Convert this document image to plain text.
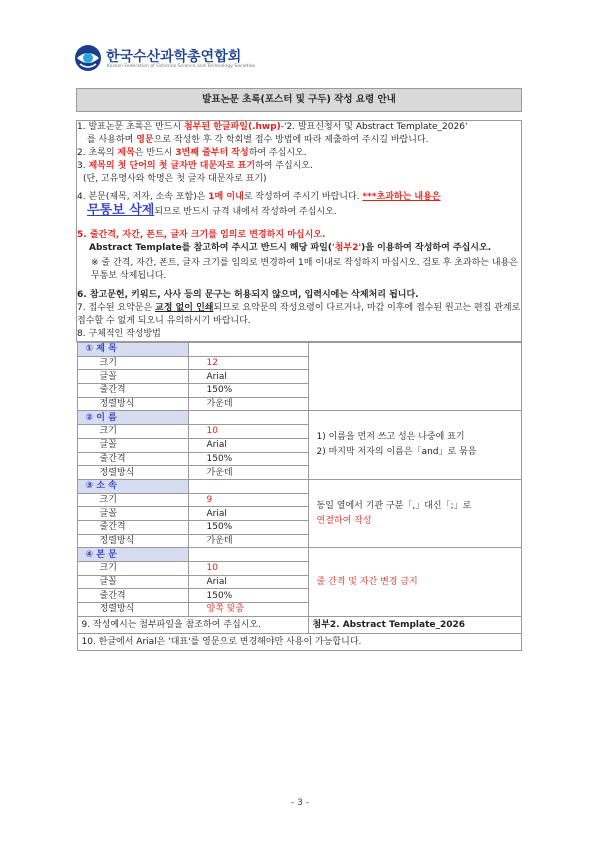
한국수산과학총연합회
Korean Federation of Fisheries Science and Technology Societies
발표논문 초록(포스터 및 구두) 작성 요령 안내

1. 발표논문 초록은 반드시 첨부된 한글파일(.hwp)-'2. 발표신청서 및 Abstract Template_2026'
를 사용하며 영문으로 작성한 후 각 학회별 접수 방법에 따라 제출하여 주시길 바랍니다.

2. 초록의 제목은 반드시 3번째 줄부터 작성하여 주십시오.

3. 제목의 첫 단어의 첫 글자만 대문자로 표기하여 주십시오.

(단, 고유명사와 학명은 첫 글자 대문자로 표기)

4. 본문(제목, 저자, 소속 포함)은 1매 이내로 작성하여 주시기 바랍니다. ***초과하는 내용은
무통보 삭제되므로 반드시 규격 내에서 작성하여 주십시오.

5. 줄간격, 자간, 폰트, 글자 크기를 임의로 변경하지 마십시오.

Abstract Template를 참고하여 주시고 반드시 해당 파일('첨부2')을 이용하여 작성하여 주십시오.

※ 줄 간격, 자간, 폰트, 글자 크기를 임의로 변경하여 1매 이내로 작성하지 마십시오. 검토 후 초과하는 내용은 무통보 삭제됩니다.

6. 참고문헌, 키워드, 사사 등의 문구는 허용되지 않으며, 입력시에는 삭제처리 됩니다.

7. 접수된 요약문은 교정 없이 인쇄되므로 요약문의 작성요령이 다르거나, 마감 이후에 접수된 원고는 편집 관계로 접수할 수 없게 되오니 유의하시기 바랍니다.

8. 구체적인 작성방법

① 제 목		

크기	12
글꼴	Arial
줄간격	150%
정렬방식	가운데
② 이 름		
1) 이름을 먼저 쓰고 성은 나중에 표기
2) 마지막 저자의 이름은「and」로 묶음

크기	10
글꼴	Arial
줄간격	150%
정렬방식	가운데
③ 소 속		
동일 열에서 기관 구분「,」대신「;」로
연결하여 작성

크기	9
글꼴	Arial
줄간격	150%
정렬방식	가운데
④ 본 문		
줄 간격 및 자간 변경 금지

크기	10
글꼴	Arial
줄간격	150%
정렬방식	양쪽 맞춤
9. 작성예시는 첨부파일을 참조하여 주십시오.	첨부2. Abstract Template_2026
10. 한글에서 Arial은 '대표'를 영문으로 변경해야만 사용이 가능합니다.
- 3 -
